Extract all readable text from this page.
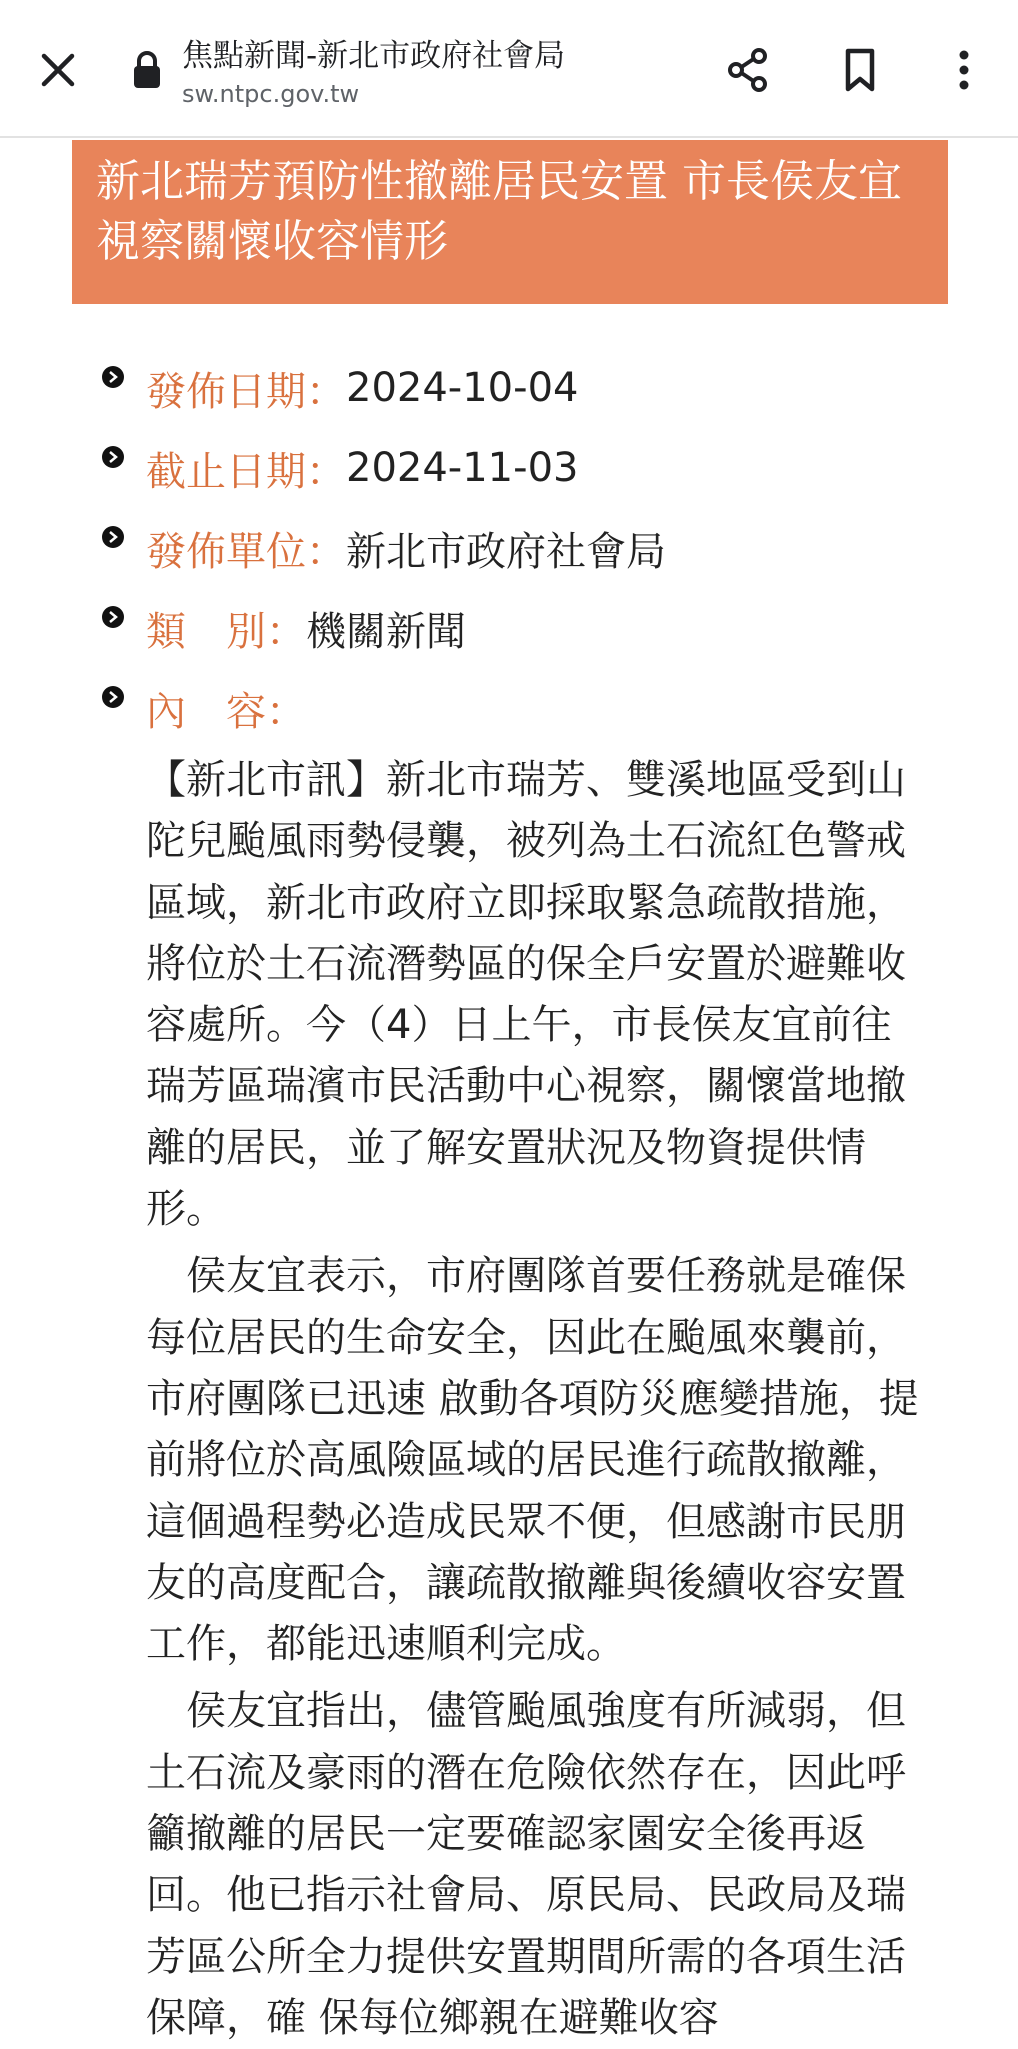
焦點新聞-新北市政府社會局
sw.ntpc.gov.tw
新北瑞芳預防性撤離居民安置 市長侯友宜視察關懷收容情形
發佈日期： 2024-10-04
截止日期： 2024-11-03
發佈單位： 新北市政府社會局
類　別： 機關新聞
內　容：

【新北市訊】新北市瑞芳、雙溪地區受到山陀兒颱風雨勢侵襲，被列為土石流紅色警戒區域，新北市政府立即採取緊急疏散措施，將位於土石流潛勢區的保全戶安置於避難收容處所。今（4）日上午，市長侯友宜前往瑞芳區瑞濱市民活動中心視察，關懷當地撤離的居民，並了解安置狀況及物資提供情形。

　侯友宜表示，市府團隊首要任務就是確保每位居民的生命安全，因此在颱風來襲前，市府團隊已迅速 啟動各項防災應變措施，提前將位於高風險區域的居民進行疏散撤離，這個過程勢必造成民眾不便，但感謝市民朋友的高度配合，讓疏散撤離與後續收容安置工作，都能迅速順利完成。

　侯友宜指出，儘管颱風強度有所減弱，但土石流及豪雨的潛在危險依然存在，因此呼籲撤離的居民一定要確認家園安全後再返回。他已指示社會局、原民局、民政局及瑞芳區公所全力提供安置期間所需的各項生活保障，確 保每位鄉親在避難收容
